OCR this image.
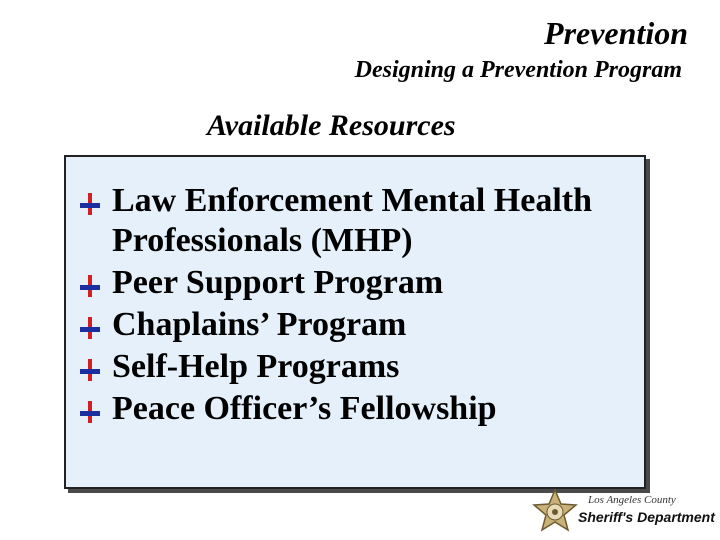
Prevention
Designing a Prevention Program
Available Resources
Law Enforcement Mental Health Professionals (MHP)
Peer Support Program
Chaplains’ Program
Self-Help Programs
Peace Officer’s Fellowship
Los Angeles County
Sheriff's Department
